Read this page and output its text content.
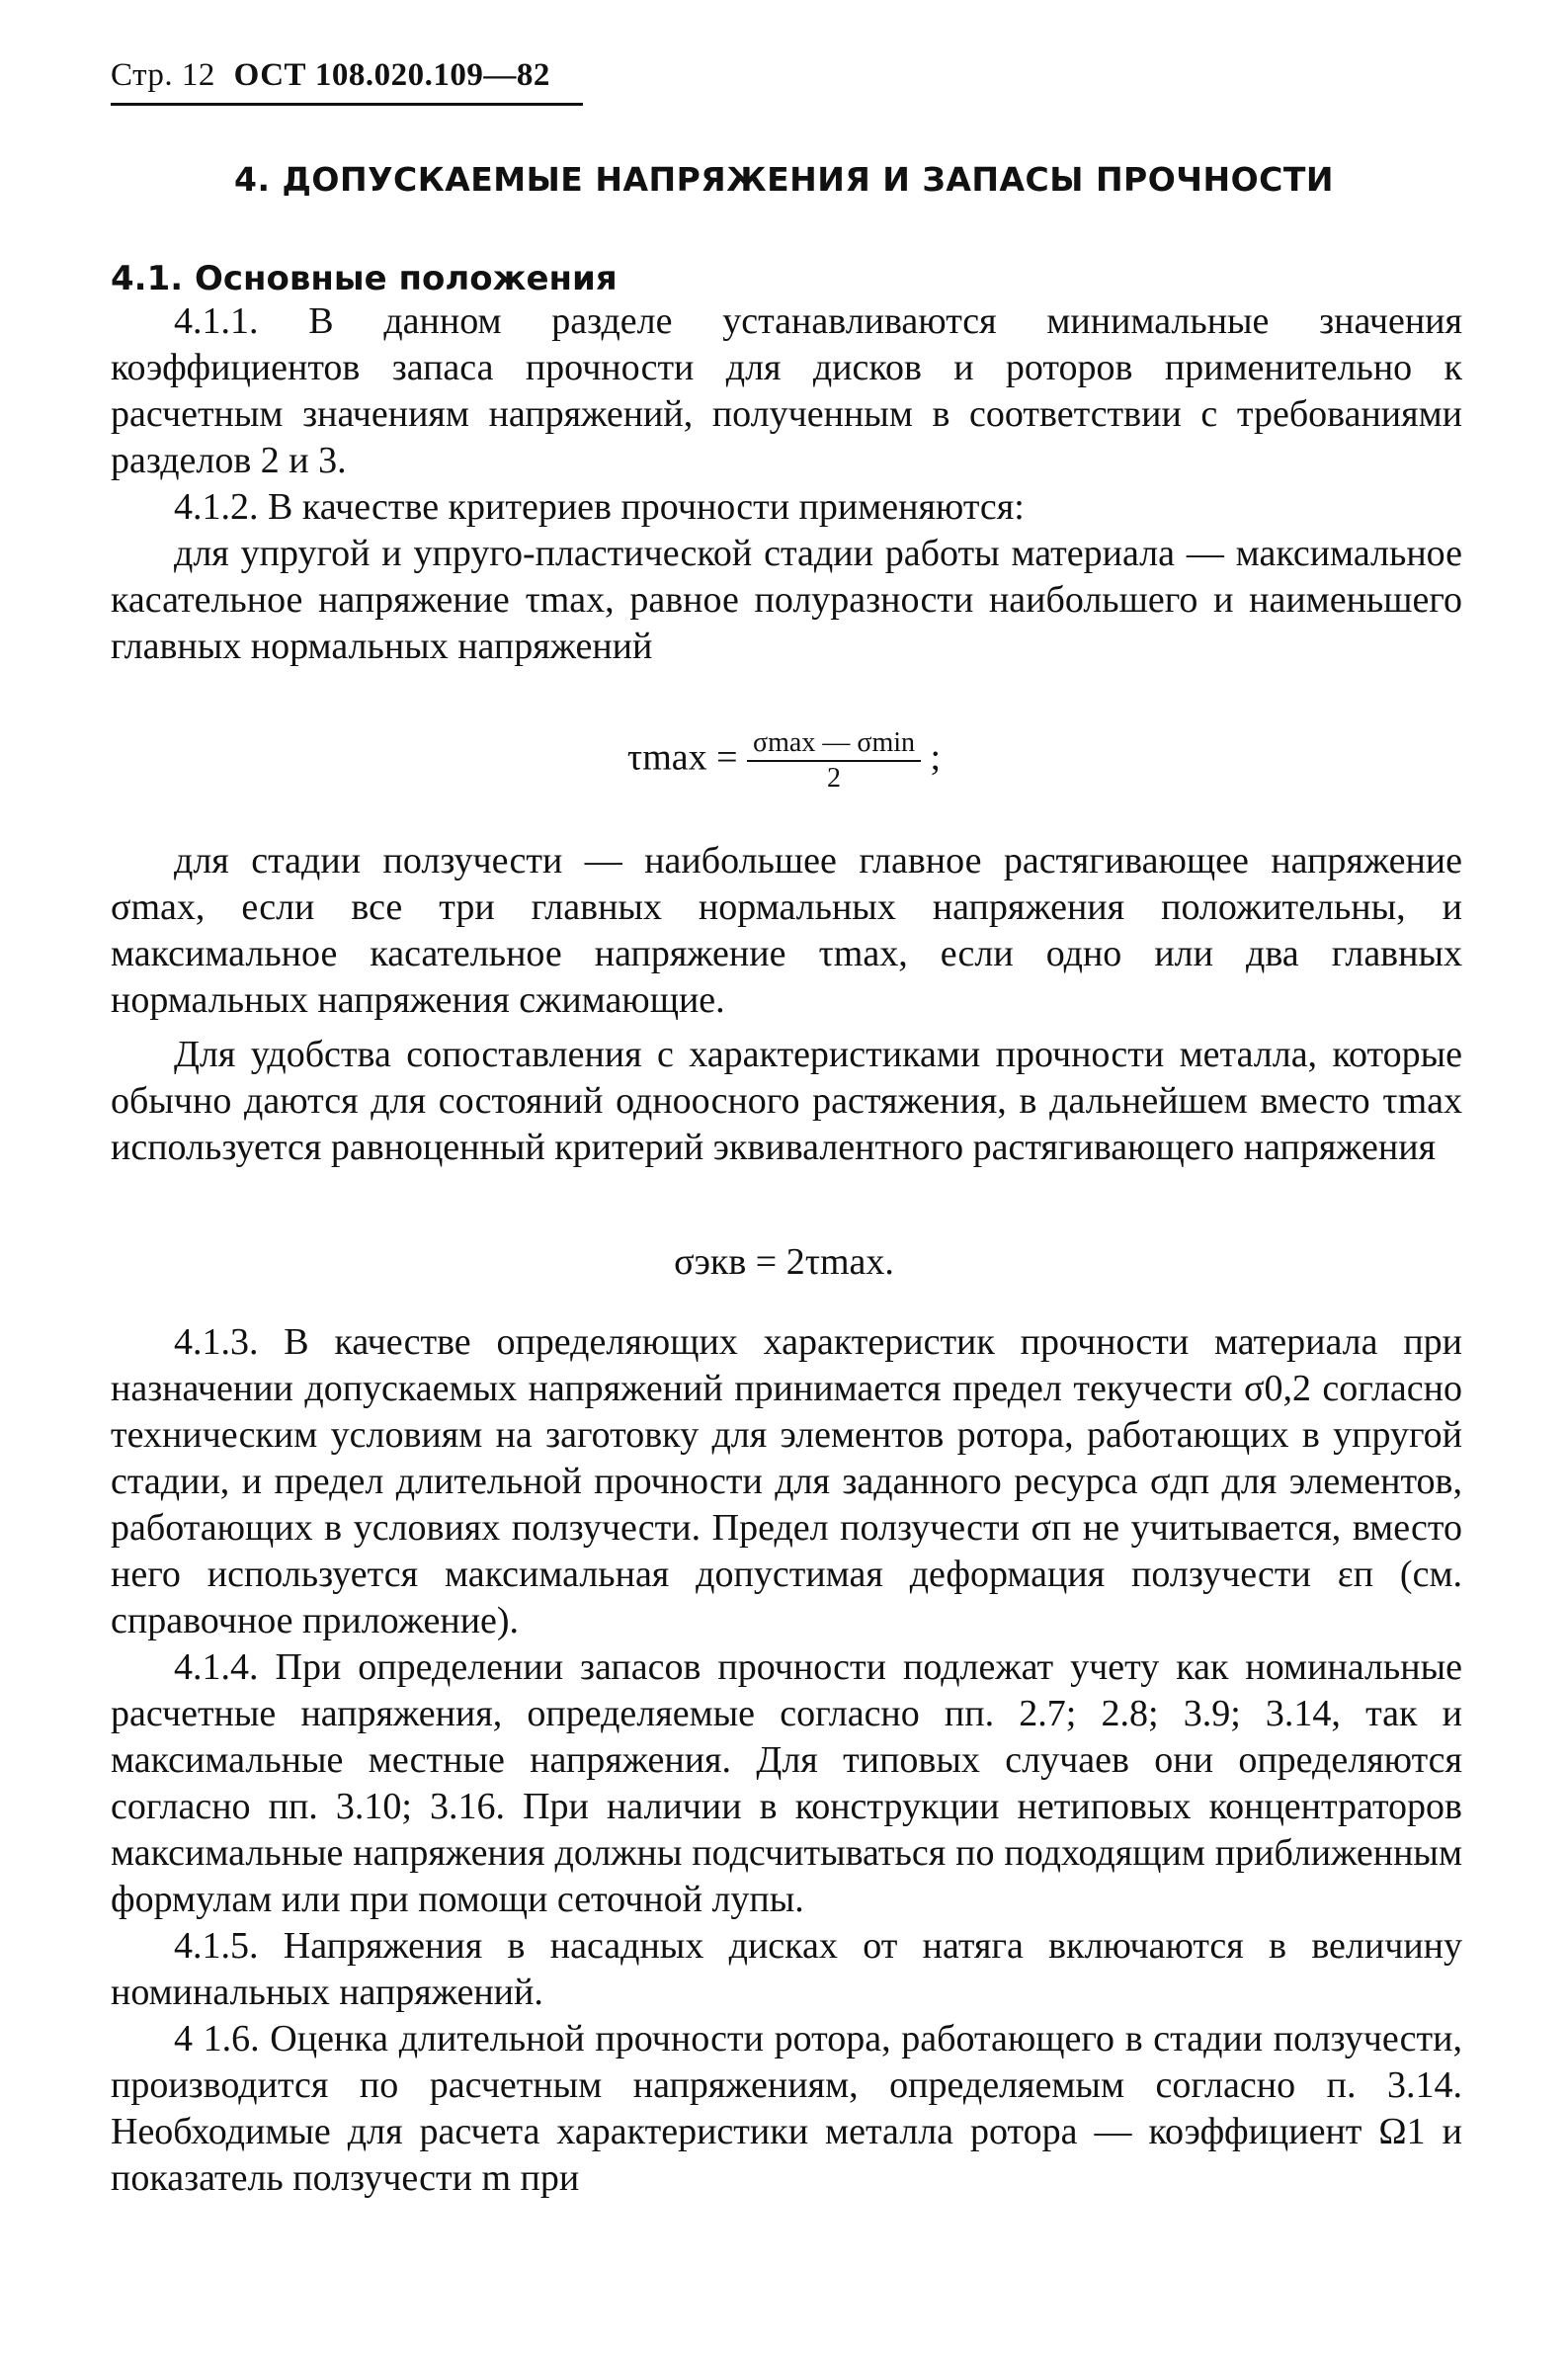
Стр. 12 ОСТ 108.020.109—82
4. ДОПУСКАЕМЫЕ НАПРЯЖЕНИЯ И ЗАПАСЫ ПРОЧНОСТИ
4.1. Основные положения

4.1.1. В данном разделе устанавливаются минимальные значения коэффициентов запаса прочности для дисков и роторов применительно к расчетным значениям напряжений, полученным в соответствии с требованиями разделов 2 и 3.

4.1.2. В качестве критериев прочности применяются:

для упругой и упруго-пластической стадии работы материала — максимальное касательное напряжение τmax, равное полуразности наибольшего и наименьшего главных нормальных напряжений

$\tau\max = \frac{\sigma\max — \sigma\min}{2}$ ;

для стадии ползучести — наибольшее главное растягивающее напряжение σmax, если все три главных нормальных напряжения положительны, и максимальное касательное напряжение τmax, если одно или два главных нормальных напряжения сжимающие.

Для удобства сопоставления с характеристиками прочности металла, которые обычно даются для состояний одноосного растяжения, в дальнейшем вместо τmax используется равноценный критерий эквивалентного растягивающего напряжения

σэкв = 2τmax.

4.1.3. В качестве определяющих характеристик прочности материала при назначении допускаемых напряжений принимается предел текучести σ0,2 согласно техническим условиям на заготовку для элементов ротора, работающих в упругой стадии, и предел длительной прочности для заданного ресурса σдп для элементов, работающих в условиях ползучести. Предел ползучести σп не учитывается, вместо него используется максимальная допустимая деформация ползучести εп (см. справочное приложение).

4.1.4. При определении запасов прочности подлежат учету как номинальные расчетные напряжения, определяемые согласно пп. 2.7; 2.8; 3.9; 3.14, так и максимальные местные напряжения. Для типовых случаев они определяются согласно пп. 3.10; 3.16. При наличии в конструкции нетиповых концентраторов максимальные напряжения должны подсчитываться по подходящим приближенным формулам или при помощи сеточной лупы.

4.1.5. Напряжения в насадных дисках от натяга включаются в величину номинальных напряжений.

4 1.6. Оценка длительной прочности ротора, работающего в стадии ползучести, производится по расчетным напряжениям, определяемым согласно п. 3.14. Необходимые для расчета характеристики металла ротора — коэффициент Ω1 и показатель ползучести m при
